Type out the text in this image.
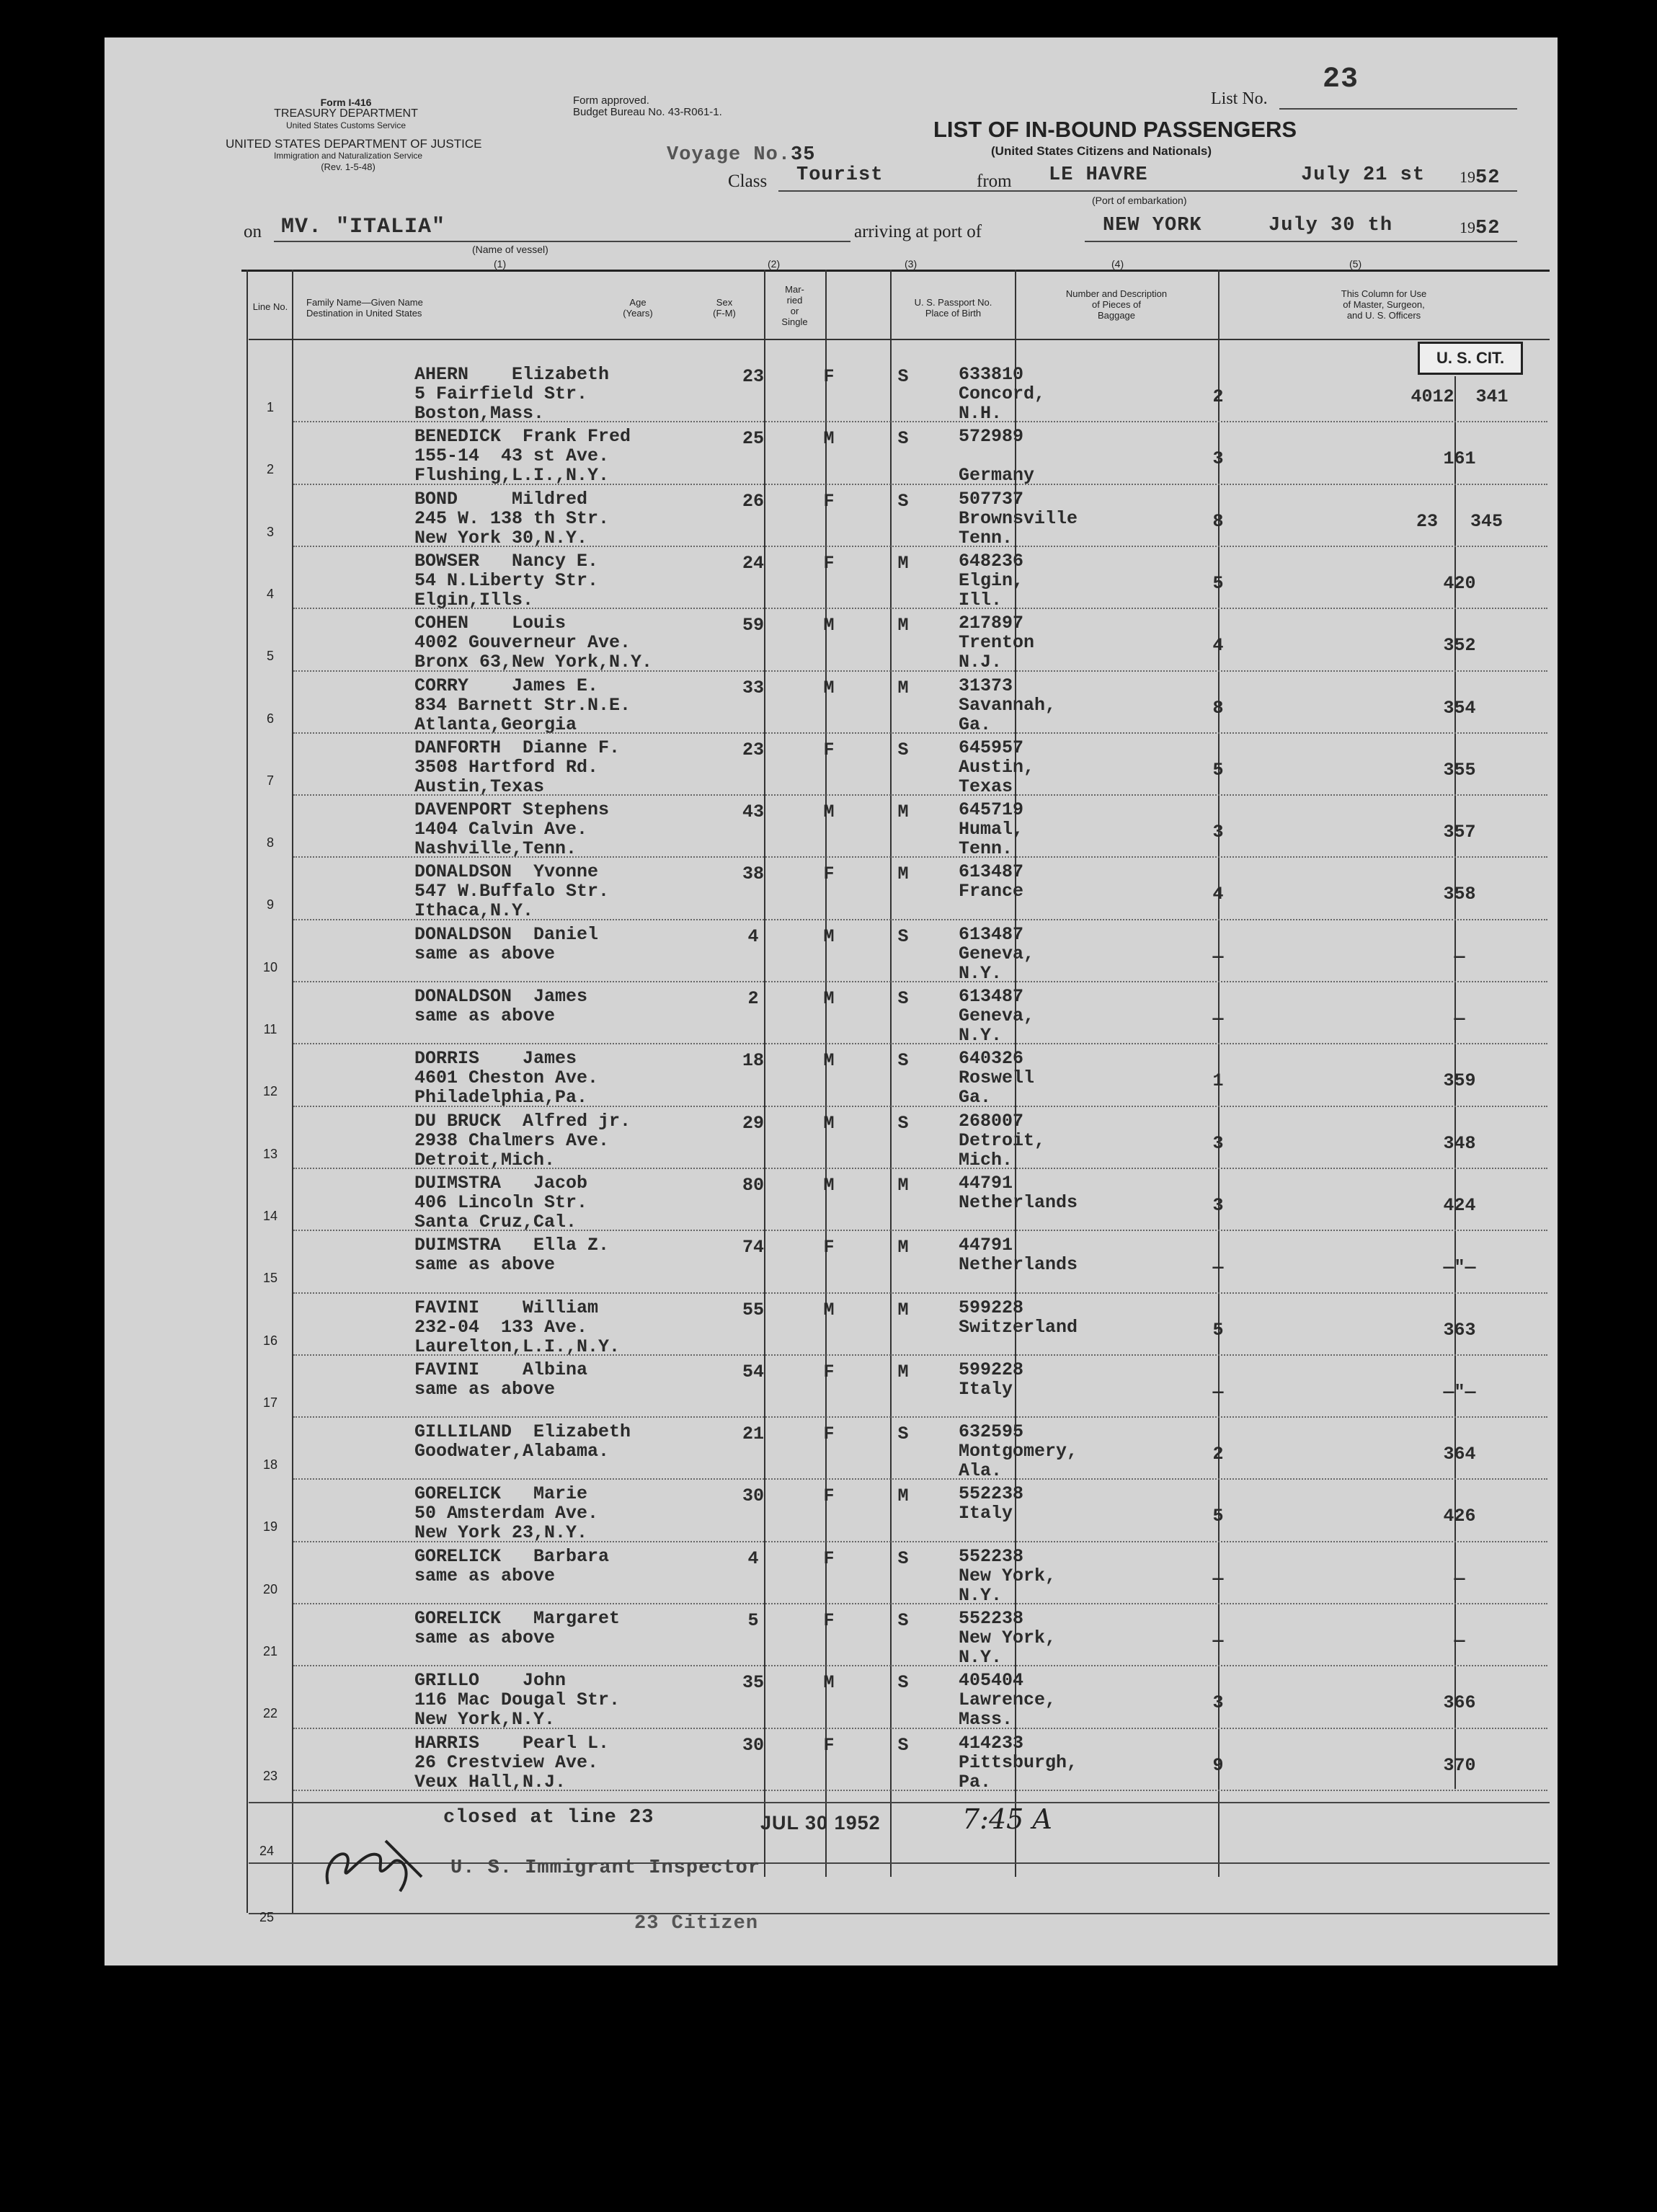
Form I-416
TREASURY DEPARTMENT
United States Customs Service
UNITED STATES DEPARTMENT OF JUSTICE
Immigration and Naturalization Service
(Rev. 1-5-48)
Form approved.
Budget Bureau No. 43-R061-1.
List No.
23
LIST OF IN-BOUND PASSENGERS
(United States Citizens and Nationals)
Voyage No.35
Class Tourist	from LE HAVRE	July 21 st 1952
(Port of embarkation)
on MV. "ITALIA"
(Name of vessel)
arriving at port of	NEW YORK	July 30 th	1952
(1)	(2)	(3)	(4)	(5)
Line No.	Family Name—Given Name
Destination in United States
Age
(Years)
Sex
(F-M)
Mar-
ried
or
Single
U. S. Passport No.
Place of Birth
Number and Description
of Pieces of
Baggage
This Column for Use
of Master, Surgeon,
and U. S. Officers
U. S. CIT.
1
AHERN    Elizabeth
5 Fairfield Str.
Boston,Mass.
23	F	S	633810
Concord,
N.H.
2	4012  341
2
BENEDICK  Frank Fred
155-14  43 st Ave.
Flushing,L.I.,N.Y.
25	M	S	572989

Germany
3	161
3
BOND     Mildred
245 W. 138 th Str.
New York 30,N.Y.
26	F	S	507737
Brownsville
Tenn.
8	23   345
4
BOWSER   Nancy E.
54 N.Liberty Str.
Elgin,Ills.
24	F	M	648236
Elgin,
Ill.
5	420
5
COHEN    Louis
4002 Gouverneur Ave.
Bronx 63,New York,N.Y.
59	M	M	217897
Trenton
N.J.
4	352
6
CORRY    James E.
834 Barnett Str.N.E.
Atlanta,Georgia
33	M	M	31373
Savannah,
Ga.
8	354
7
DANFORTH  Dianne F.
3508 Hartford Rd.
Austin,Texas
23	F	S	645957
Austin,
Texas
5	355
8
DAVENPORT Stephens
1404 Calvin Ave.
Nashville,Tenn.
43	M	M	645719
Humal,
Tenn.
3	357
9
DONALDSON  Yvonne
547 W.Buffalo Str.
Ithaca,N.Y.
38	F	M	613487
France	4	358
10
DONALDSON  Daniel
same as above
4	M	S	613487
Geneva,
N.Y.
—	—
11
DONALDSON  James
same as above
2	M	S	613487
Geneva,
N.Y.
—	—
12
DORRIS    James
4601 Cheston Ave.
Philadelphia,Pa.
18	M	S	640326
Roswell
Ga.
1	359
13
DU BRUCK  Alfred jr.
2938 Chalmers Ave.
Detroit,Mich.
29	M	S	268007
Detroit,
Mich.
3	348
14
DUIMSTRA   Jacob
406 Lincoln Str.
Santa Cruz,Cal.
80	M	M	44791
Netherlands	3	424
15
DUIMSTRA   Ella Z.
same as above
74	F	M	44791
Netherlands	—	—"—
16
FAVINI    William
232-04  133 Ave.
Laurelton,L.I.,N.Y.
55	M	M	599228
Switzerland	5	363
17
FAVINI    Albina
same as above
54	F	M	599228
Italy	—	—"—
18
GILLILAND  Elizabeth
Goodwater,Alabama.
21	F	S	632595
Montgomery,
Ala.
2	364
19
GORELICK   Marie
50 Amsterdam Ave.
New York 23,N.Y.
30	F	M	552238
Italy	5	426
20
GORELICK   Barbara
same as above
4	F	S	552238
New York,
N.Y.
—	—
21
GORELICK   Margaret
same as above
5	F	S	552238
New York,
N.Y.
—	—
22
GRILLO    John
116 Mac Dougal Str.
New York,N.Y.
35	M	S	405404
Lawrence,
Mass.
3	366
23
HARRIS    Pearl L.
26 Crestview Ave.
Veux Hall,N.J.
30	F	S	414233
Pittsburgh,
Pa.
9	370
24
25
closed at line 23	JUL 30 1952	7:45 A
U. S. Immigrant Inspector
23 Citizen
